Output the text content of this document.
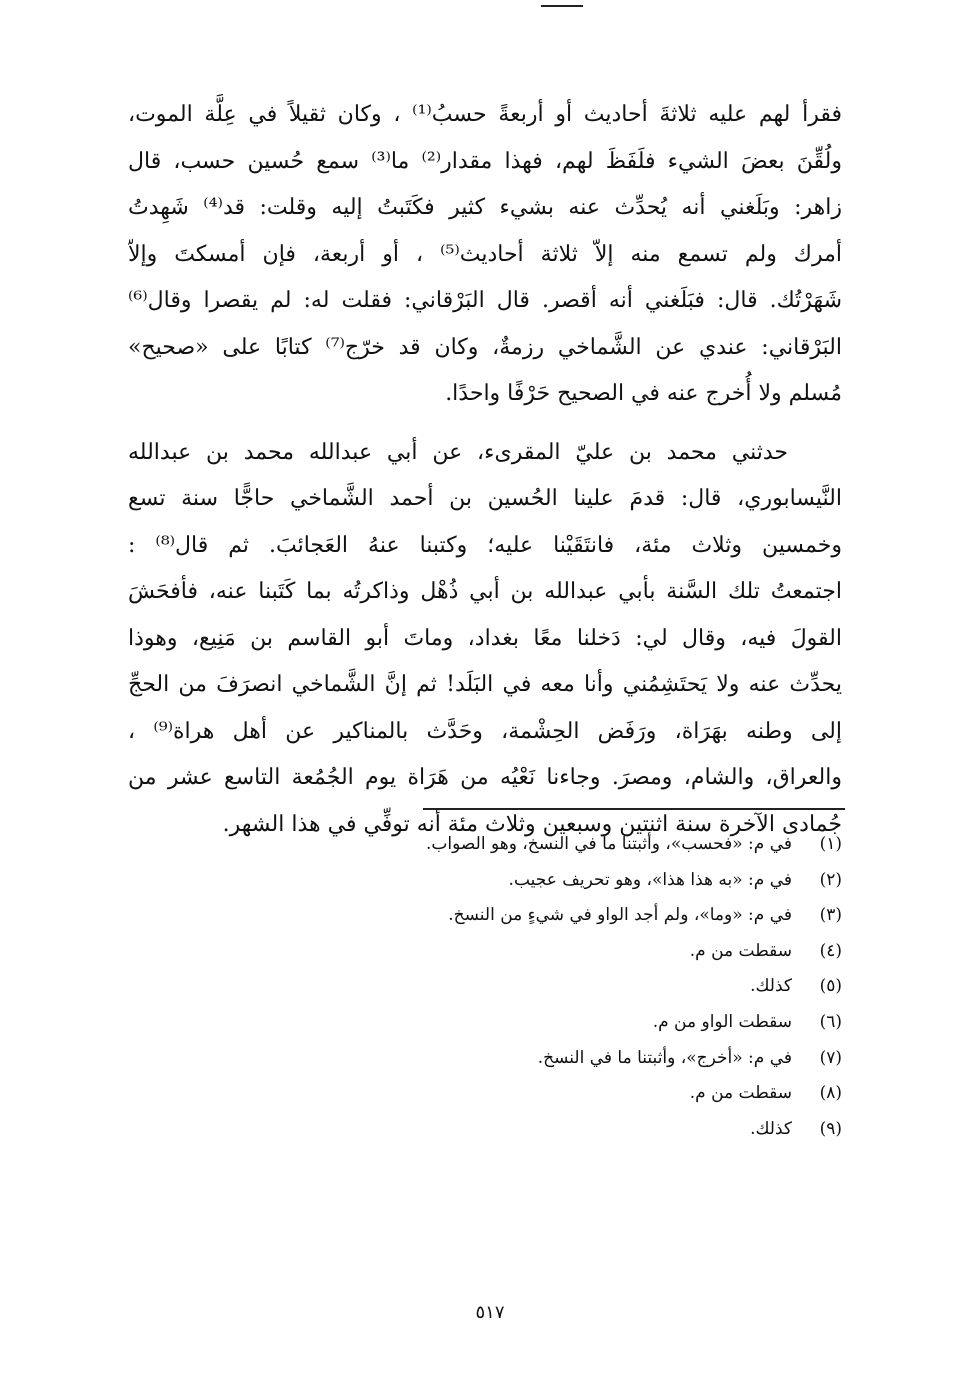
فقرأ لهم عليه ثلاثةَ أحاديث أو أربعةً حسبُ⁽¹⁾ ، وكان ثقيلاً في عِلَّة الموت،
ولُقِّنَ بعضَ الشيء فلَفَظَ لهم، فهذا مقدار⁽²⁾ ما⁽³⁾ سمع حُسين حسب، قال
زاهر: وبَلَغني أنه يُحدِّث عنه بشيء كثير فكَتَبتُ إليه وقلت: قد⁽⁴⁾ شَهِدتُ
أمرك ولم تسمع منه إلاّ ثلاثة أحاديث⁽⁵⁾ ، أو أربعة، فإن أمسكتَ وإلاّ
شَهَرْتُك. قال: فبَلَغني أنه أقصر. قال البَرْقاني: فقلت له: لم يقصرا وقال⁽⁶⁾
البَرْقاني: عندي عن الشَّماخي رزمةٌ، وكان قد خرّج⁽⁷⁾ كتابًا على «صحيح»
مُسلم ولا أُخرج عنه في الصحيح حَرْفًا واحدًا.
حدثني محمد بن عليّ المقرىء، عن أبي عبدالله محمد بن عبدالله
النَّيسابوري، قال: قدمَ علينا الحُسين بن أحمد الشَّماخي حاجًّا سنة تسع
وخمسين وثلاث مئة، فانتَقَيْنا عليه؛ وكتبنا عنهُ العَجائبَ. ثم قال⁽⁸⁾ :
اجتمعتُ تلك السَّنة بأبي عبدالله بن أبي ذُهْل وذاكرتُه بما كَتَبنا عنه، فأفحَشَ
القولَ فيه، وقال لي: دَخلنا معًا بغداد، وماتَ أبو القاسم بن مَنِيع، وهوذا
يحدِّث عنه ولا يَحتَشِمُني وأنا معه في البَلَد! ثم إنَّ الشَّماخي انصرَفَ من الحجِّ
إلى وطنه بهَرَاة، ورَفَض الحِشْمة، وحَدَّث بالمناكير عن أهل هراة⁽⁹⁾ ،
والعراق، والشام، ومصرَ. وجاءنا نَعْيُه من هَرَاة يوم الجُمُعة التاسع عشر من
جُمادى الآخرة سنة اثنتين وسبعين وثلاث مئة أنه توفِّي في هذا الشهر.
(١)في م: «فحسب»، وأثبتنا ما في النسخ، وهو الصواب.
(٢)في م: «به هذا هذا»، وهو تحريف عجيب.
(٣)في م: «وما»، ولم أجد الواو في شيءٍ من النسخ.
(٤)سقطت من م.
(٥)كذلك.
(٦)سقطت الواو من م.
(٧)في م: «أخرج»، وأثبتنا ما في النسخ.
(٨)سقطت من م.
(٩)كذلك.
٥١٧
